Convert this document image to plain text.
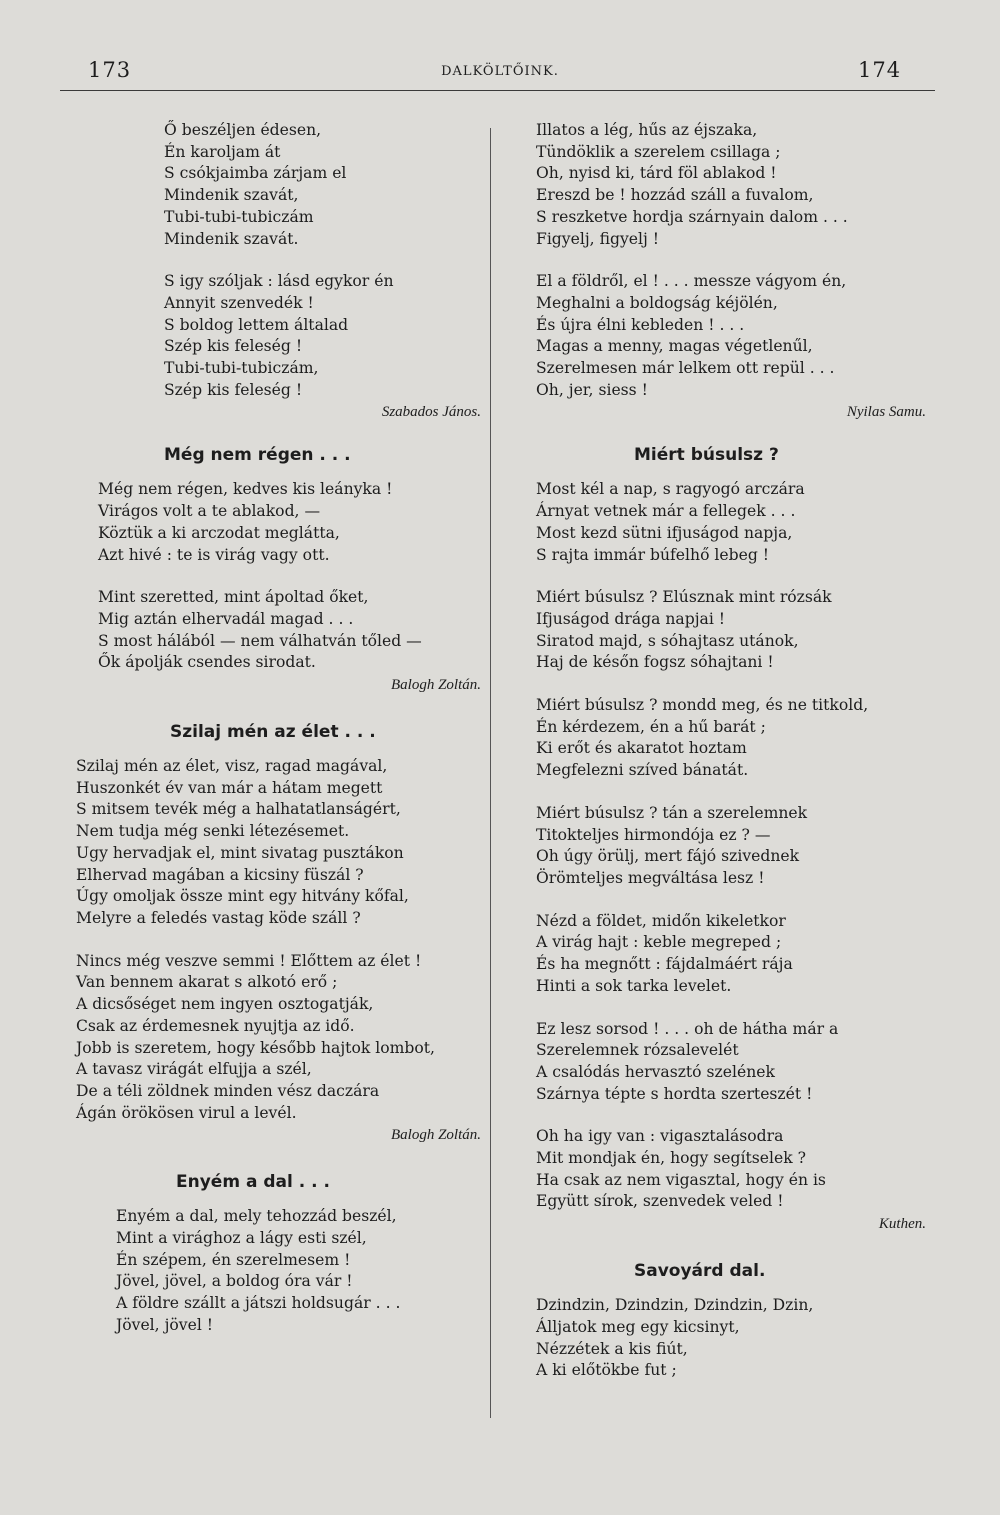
173	DALKÖLTŐINK.	174
Ő beszéljen édesen,
Én karoljam át
S csókjaimba zárjam el
Mindenik szavát,
Tubi-tubi-tubiczám
Mindenik szavát.
S igy szóljak : lásd egykor én
Annyit szenvedék !
S boldog lettem általad
Szép kis feleség !
Tubi-tubi-tubiczám,
Szép kis feleség !
Szabados János.
Még nem régen . . .
Még nem régen, kedves kis leányka !
Virágos volt a te ablakod, —
Köztük a ki arczodat meglátta,
Azt hivé : te is virág vagy ott.
Mint szeretted, mint ápoltad őket,
Mig aztán elhervadál magad . . .
S most hálából — nem válhatván tőled —
Ők ápolják csendes sirodat.
Balogh Zoltán.
Szilaj mén az élet . . .
Szilaj mén az élet, visz, ragad magával,
Huszonkét év van már a hátam megett
S mitsem tevék még a halhatatlanságért,
Nem tudja még senki létezésemet.
Ugy hervadjak el, mint sivatag pusztákon
Elhervad magában a kicsiny füszál ?
Úgy omoljak össze mint egy hitvány kőfal,
Melyre a feledés vastag köde száll ?
Nincs még veszve semmi ! Előttem az élet !
Van bennem akarat s alkotó erő ;
A dicsőséget nem ingyen osztogatják,
Csak az érdemesnek nyujtja az idő.
Jobb is szeretem, hogy később hajtok lombot,
A tavasz virágát elfujja a szél,
De a téli zöldnek minden vész daczára
Ágán örökösen virul a levél.
Balogh Zoltán.
Enyém a dal . . .
Enyém a dal, mely tehozzád beszél,
Mint a virághoz a lágy esti szél,
Én szépem, én szerelmesem !
Jövel, jövel, a boldog óra vár !
A földre szállt a játszi holdsugár . . .
Jövel, jövel !
Illatos a lég, hűs az éjszaka,
Tündöklik a szerelem csillaga ;
Oh, nyisd ki, tárd föl ablakod !
Ereszd be ! hozzád száll a fuvalom,
S reszketve hordja szárnyain dalom . . .
Figyelj, figyelj !
El a földről, el ! . . . messze vágyom én,
Meghalni a boldogság kéjölén,
És újra élni kebleden ! . . .
Magas a menny, magas végetlenűl,
Szerelmesen már lelkem ott repül . . .
Oh, jer, siess !
Nyilas Samu.
Miért búsulsz ?
Most kél a nap, s ragyogó arczára
Árnyat vetnek már a fellegek . . .
Most kezd sütni ifjuságod napja,
S rajta immár búfelhő lebeg !
Miért búsulsz ? Elúsznak mint rózsák
Ifjuságod drága napjai !
Siratod majd, s sóhajtasz utánok,
Haj de későn fogsz sóhajtani !
Miért búsulsz ? mondd meg, és ne titkold,
Én kérdezem, én a hű barát ;
Ki erőt és akaratot hoztam
Megfelezni szíved bánatát.
Miért búsulsz ? tán a szerelemnek
Titokteljes hirmondója ez ? —
Oh úgy örülj, mert fájó szivednek
Örömteljes megváltása lesz !
Nézd a földet, midőn kikeletkor
A virág hajt : keble megreped ;
És ha megnőtt : fájdalmáért rája
Hinti a sok tarka levelet.
Ez lesz sorsod ! . . . oh de hátha már a
Szerelemnek rózsalevelét
A csalódás hervasztó szelének
Szárnya tépte s hordta szerteszét !
Oh ha igy van : vigasztalásodra
Mit mondjak én, hogy segítselek ?
Ha csak az nem vigasztal, hogy én is
Együtt sírok, szenvedek veled !
Kuthen.
Savoyárd dal.
Dzindzin, Dzindzin, Dzindzin, Dzin,
Álljatok meg egy kicsinyt,
Nézzétek a kis fiút,
A ki előtökbe fut ;
